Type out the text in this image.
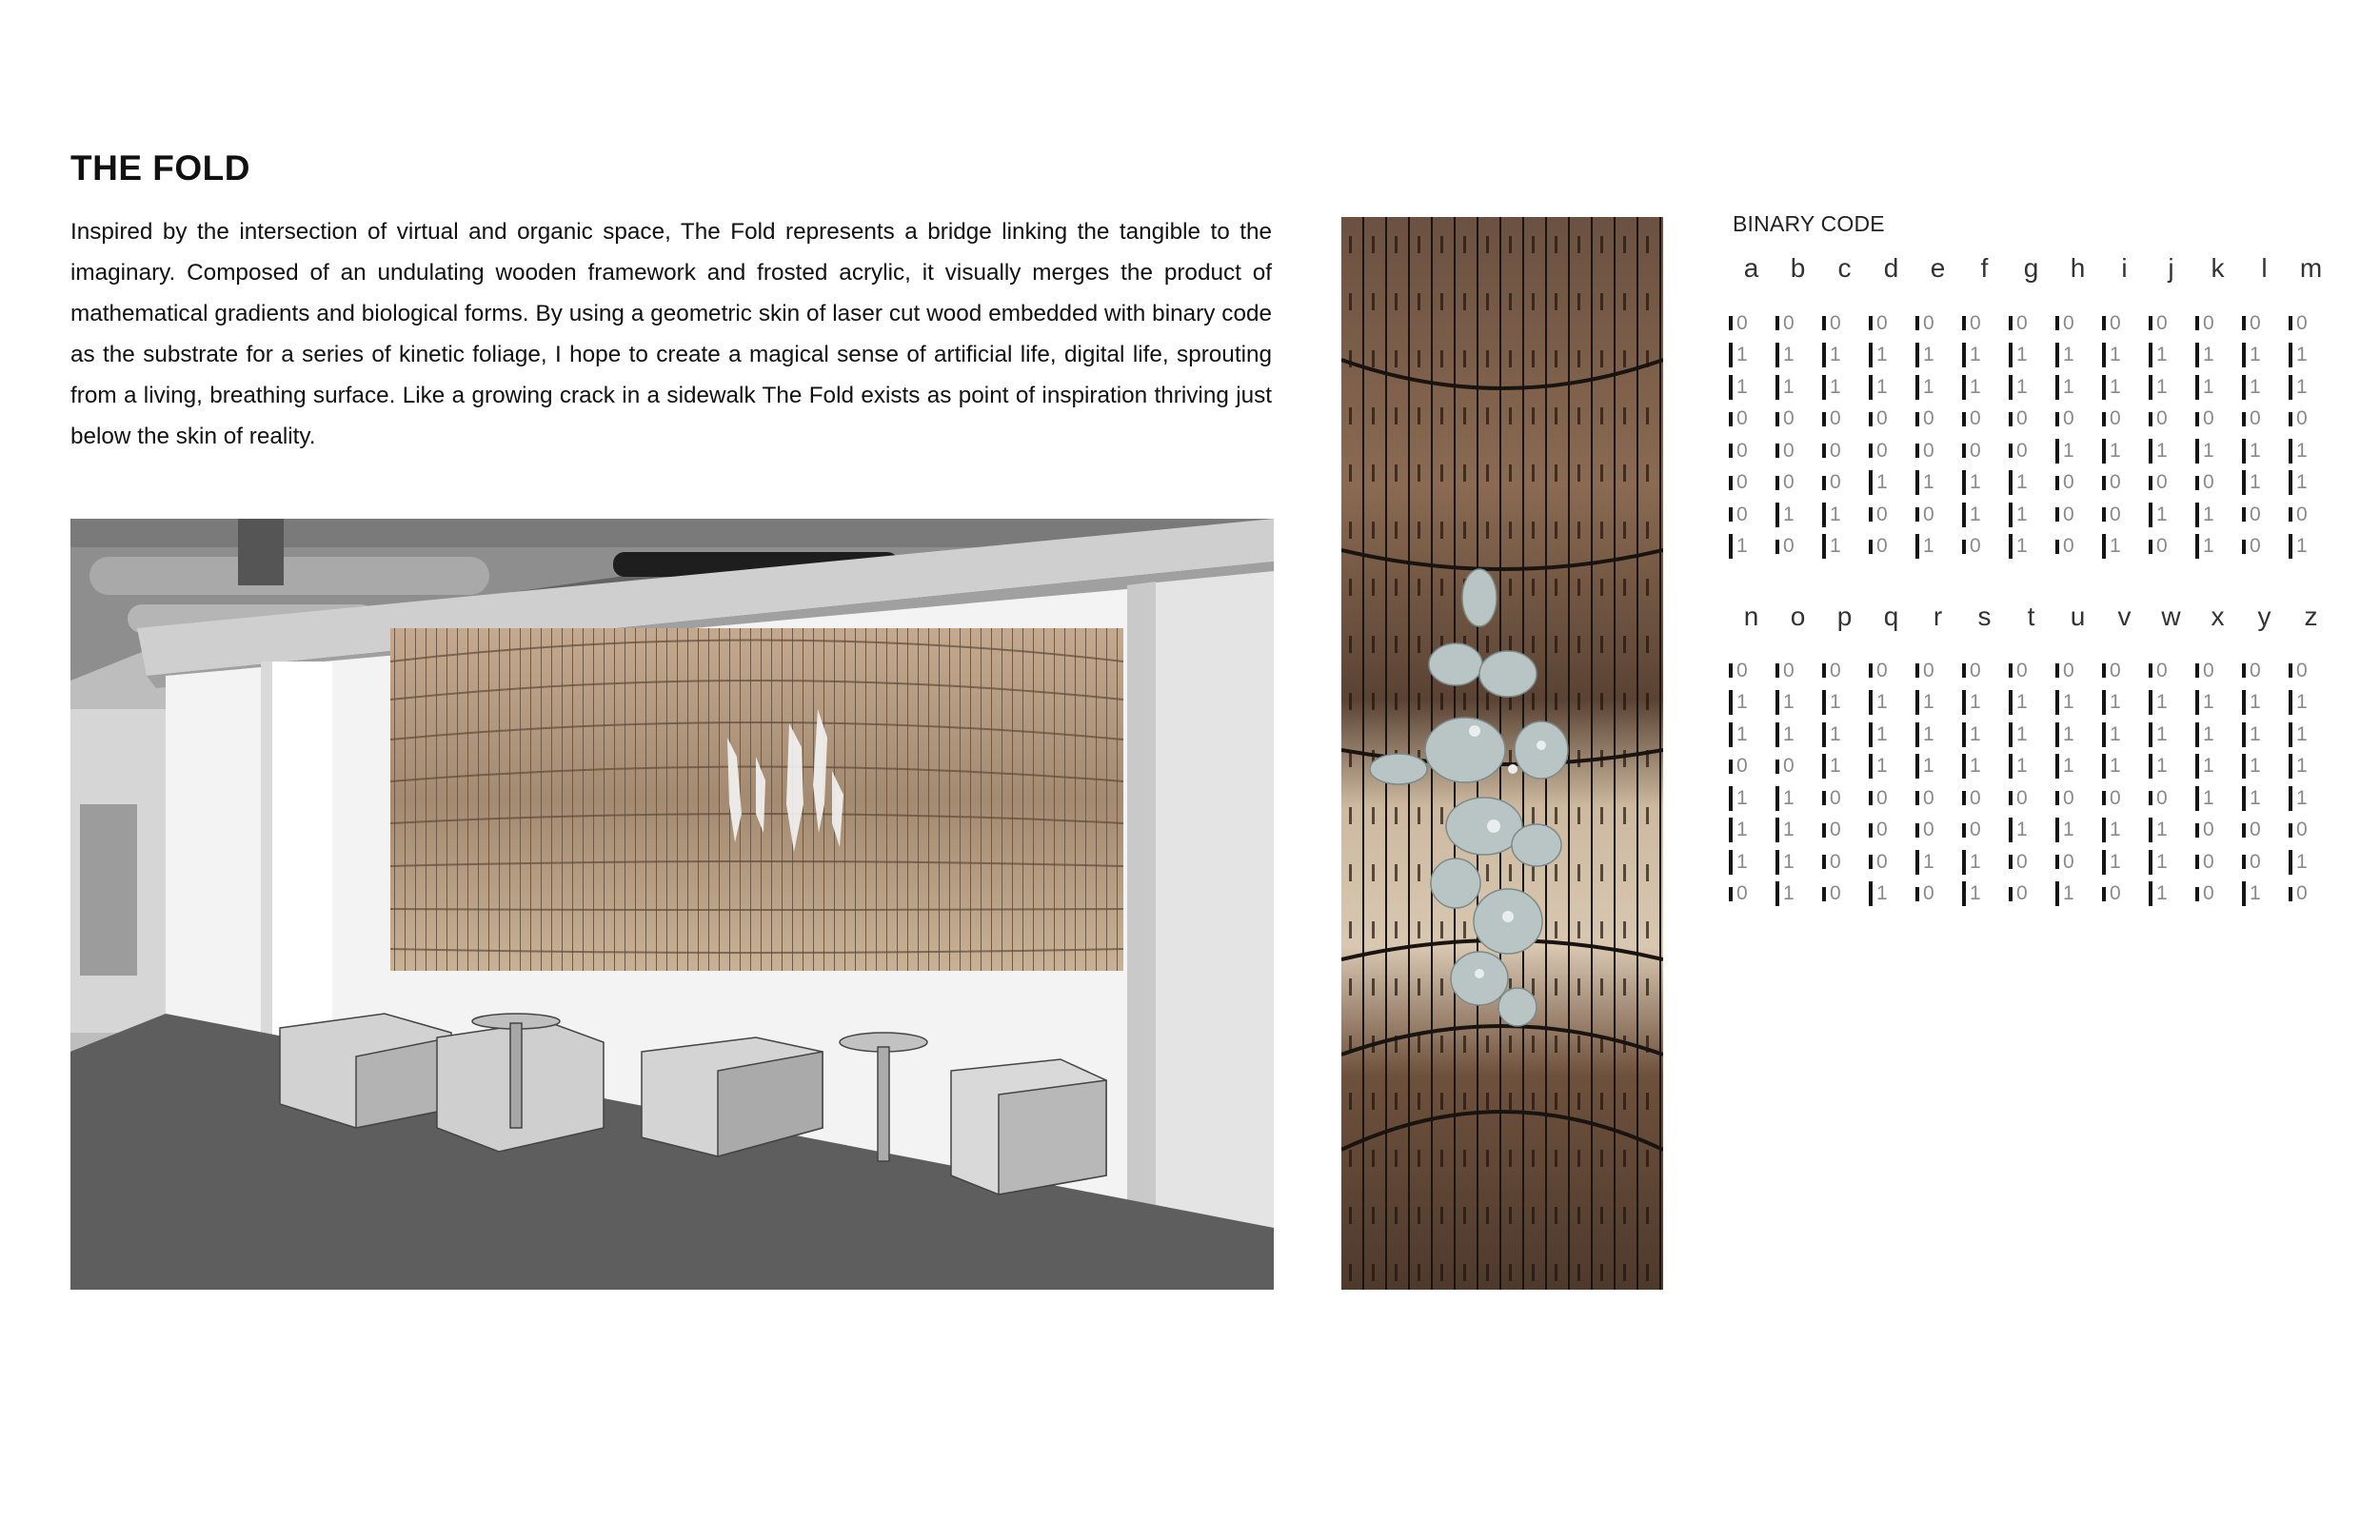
THE FOLD

Inspired by the intersection of virtual and organic space, The Fold represents a bridge linking the tangible to the imaginary. Composed of an undulating wooden framework and frosted acrylic, it visually merges the product of mathematical gradients and biological forms. By using a geometric skin of laser cut wood embedded with binary code as the substrate for a series of kinetic foliage, I hope to create a magical sense of artificial life, digital life, sprouting from a living, breathing surface. Like a growing crack in a sidewalk The Fold exists as point of inspiration thriving just below the skin of reality.

BINARY CODE
a	b	c	d	e	f	g	h	i	j	k	l	m
0 0 0 0 0 0 0 0 0 0 0 0 0
1 1 1 1 1 1 1 1 1 1 1 1 1
1 1 1 1 1 1 1 1 1 1 1 1 1
0 0 0 0 0 0 0 0 0 0 0 0 0
0 0 0 0 0 0 0 1 1 1 1 1 1
0 0 0 1 1 1 1 0 0 0 0 1 1
0 1 1 0 0 1 1 0 0 1 1 0 0
1 0 1 0 1 0 1 0 1 0 1 0 1
n	o	p	q	r	s	t	u	v	w	x	y	z
0 0 0 0 0 0 0 0 0 0 0 0 0
1 1 1 1 1 1 1 1 1 1 1 1 1
1 1 1 1 1 1 1 1 1 1 1 1 1
0 0 1 1 1 1 1 1 1 1 1 1 1
1 1 0 0 0 0 0 0 0 0 1 1 1
1 1 0 0 0 0 1 1 1 1 0 0 0
1 1 0 0 1 1 0 0 1 1 0 0 1
0 1 0 1 0 1 0 1 0 1 0 1 0
